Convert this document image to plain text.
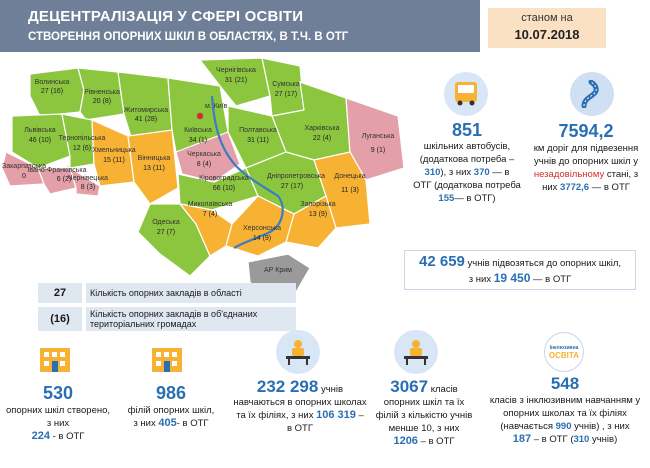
ДЕЦЕНТРАЛІЗАЦІЯ У СФЕРІ ОСВІТИ
СТВОРЕННЯ ОПОРНИХ ШКІЛ В ОБЛАСТЯХ, В Т.Ч. В ОТГ
станом на
10.07.2018
Волинська
27 (16)	Рівненська
20 (8)
Житомирська
41 (28)
м. Київ
Чернігівська
31 (21)
Сумська
27 (17)
Харківська
22 (4)	Луганська
9 (1)
Львівська
46 (10) Тернопільська
12 (6) Хмельницька
15 (11) Вінницька
13 (11)
Київська
34 (1)
Полтавська
31 (11)
Черкаська
8 (4)
Кіровоградська
66 (10)
Закарпатська
0
Івано-Франківська
6 (2)
Чернівецька
8 (3)
Дніпропетровська
27 (17)
Донецька
11 (3)
Одеська
27 (7)
Миколаївська
7 (4)
Запорізька
13 (9)
Херсонська
14 (9)
АР Крим
851
шкільних автобусів,
(додаткова потреба –
310), з них 370 — в
ОТГ (додаткова потреба
155— в ОТГ)
7594,2
км доріг для підвезення
учнів до опорних шкіл у
незадовільному стані, з
них 3772,6 — в ОТГ
42 659 учнів підвозяться до опорних шкіл,
з них 19 450 — в ОТГ
27	Кількість опорних закладів в області
(16)	Кількість опорних закладів в об'єднаних територіальних громадах
Інклюзивна
ОСВІТА
530
опорних шкіл створено,
з них
224 - в ОТГ
986
філій опорних шкіл,
з них 405- в ОТГ
232 298 учнів
навчаються в опорних школах
та їх філіях, з них 106 319 –
в ОТГ
3067 класів
опорних шкіл та їх
філій з кількістю учнів
менше 10, з них
1206 – в ОТГ
548
класів з інклюзивним навчанням у
опорних школах та їх філіях
(навчається 990 учнів) , з них
187 – в ОТГ (310 учнів)
